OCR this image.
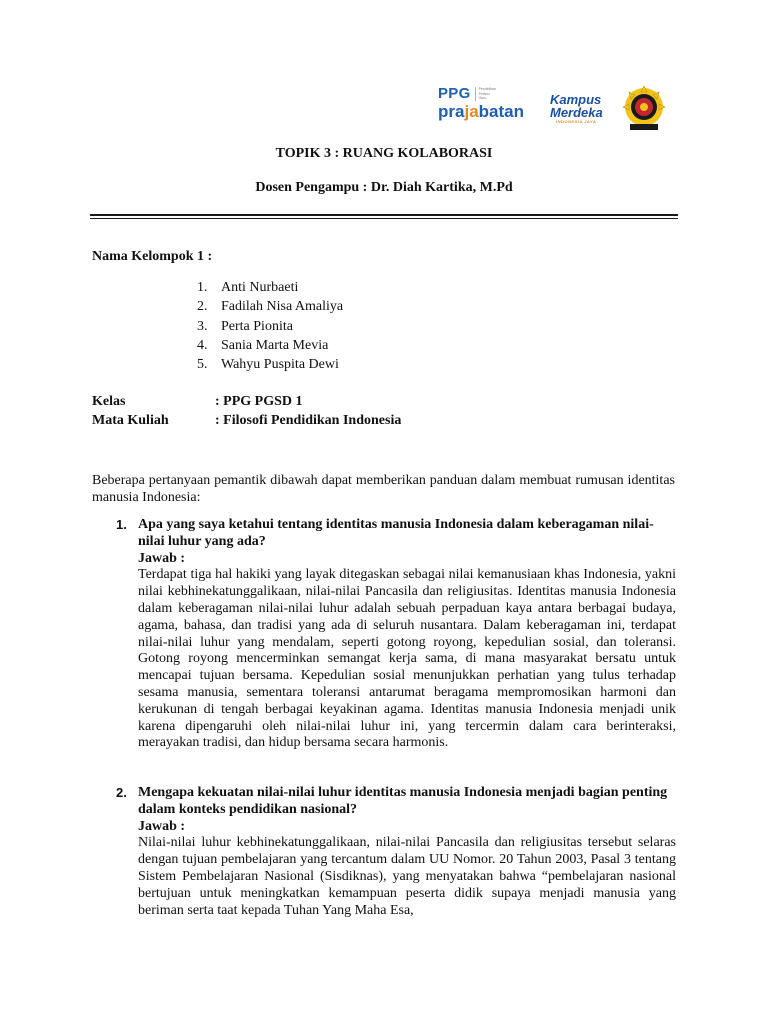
PPG Pendidikan
Profesi
Guru
prajabatan
Kampus
Merdeka
INDONESIA JAYA
TOPIK 3 : RUANG KOLABORASI
Dosen Pengampu : Dr. Diah Kartika, M.Pd
Nama Kelompok 1 :
1. Anti Nurbaeti
2. Fadilah Nisa Amaliya
3. Perta Pionita
4. Sania Marta Mevia
5. Wahyu Puspita Dewi
Kelas	: PPG PGSD 1
Mata Kuliah	: Filosofi Pendidikan Indonesia
Beberapa pertanyaan pemantik dibawah dapat memberikan panduan dalam membuat rumusan identitas manusia Indonesia:
1. Apa yang saya ketahui tentang identitas manusia Indonesia dalam keberagaman nilai-nilai luhur yang ada?
Jawab :
Terdapat tiga hal hakiki yang layak ditegaskan sebagai nilai kemanusiaan khas Indonesia, yakni nilai kebhinekatunggalikaan, nilai-nilai Pancasila dan religiusitas. Identitas manusia Indonesia dalam keberagaman nilai-nilai luhur adalah sebuah perpaduan kaya antara berbagai budaya, agama, bahasa, dan tradisi yang ada di seluruh nusantara. Dalam keberagaman ini, terdapat nilai-nilai luhur yang mendalam, seperti gotong royong, kepedulian sosial, dan toleransi. Gotong royong mencerminkan semangat kerja sama, di mana masyarakat bersatu untuk mencapai tujuan bersama. Kepedulian sosial menunjukkan perhatian yang tulus terhadap sesama manusia, sementara toleransi antarumat beragama mempromosikan harmoni dan kerukunan di tengah berbagai keyakinan agama. Identitas manusia Indonesia menjadi unik karena dipengaruhi oleh nilai-nilai luhur ini, yang tercermin dalam cara berinteraksi, merayakan tradisi, dan hidup bersama secara harmonis.
2. Mengapa kekuatan nilai-nilai luhur identitas manusia Indonesia menjadi bagian penting dalam konteks pendidikan nasional?
Jawab :
Nilai-nilai luhur kebhinekatunggalikaan, nilai-nilai Pancasila dan religiusitas tersebut selaras dengan tujuan pembelajaran yang tercantum dalam UU Nomor. 20 Tahun 2003, Pasal 3 tentang Sistem Pembelajaran Nasional (Sisdiknas), yang menyatakan bahwa “pembelajaran nasional bertujuan untuk meningkatkan kemampuan peserta didik supaya menjadi manusia yang beriman serta taat kepada Tuhan Yang Maha Esa,
